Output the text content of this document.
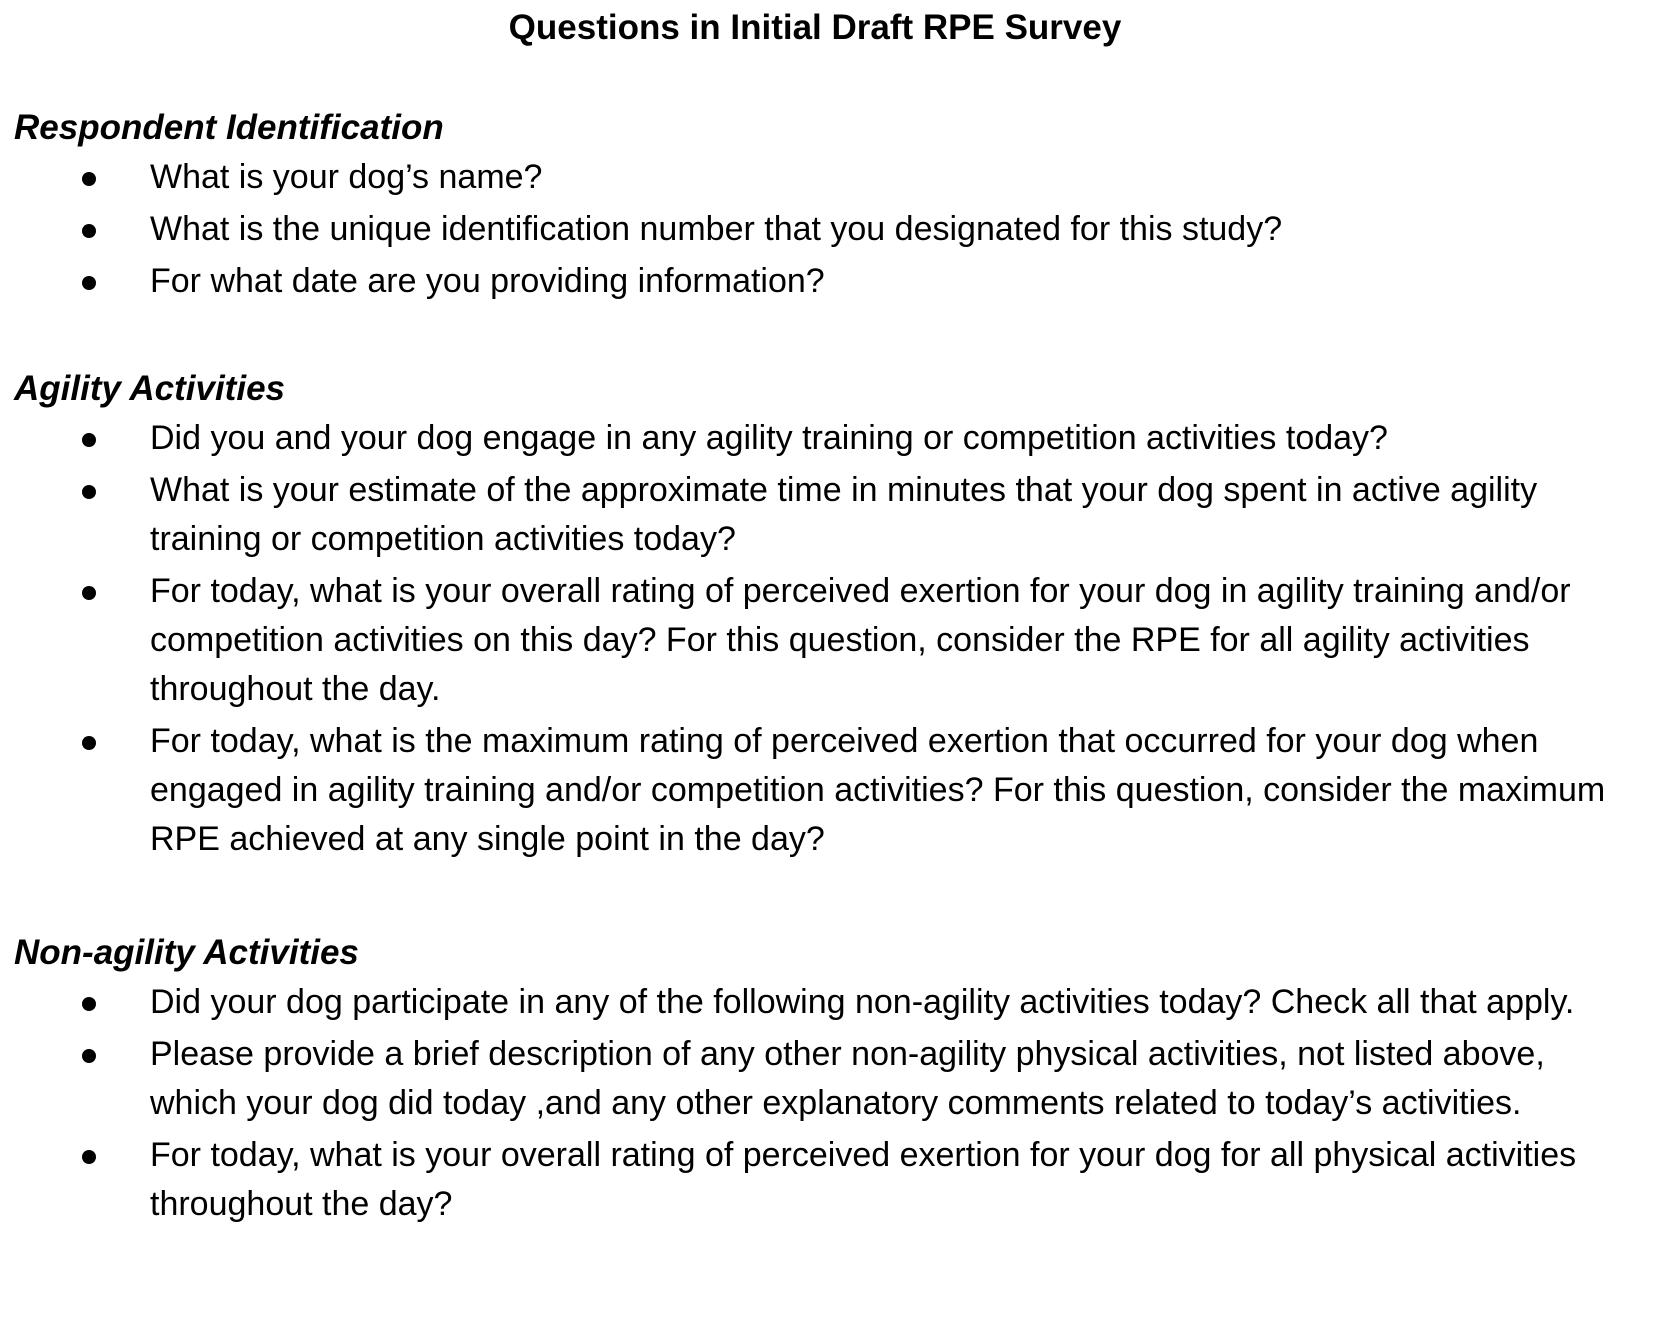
Questions in Initial Draft RPE Survey
Respondent Identification
What is your dog’s name?
What is the unique identification number that you designated for this study?
For what date are you providing information?
Agility Activities
Did you and your dog engage in any agility training or competition activities today?
What is your estimate of the approximate time in minutes that your dog spent in active agility training or competition activities today?
For today, what is your overall rating of perceived exertion for your dog in agility training and/or competition activities on this day? For this question, consider the RPE for all agility activities throughout the day.
For today, what is the maximum rating of perceived exertion that occurred for your dog when engaged in agility training and/or competition activities? For this question, consider the maximum RPE achieved at any single point in the day?
Non-agility Activities
Did your dog participate in any of the following non-agility activities today? Check all that apply.
Please provide a brief description of any other non-agility physical activities, not listed above, which your dog did today ,and any other explanatory comments related to today’s activities.
For today, what is your overall rating of perceived exertion for your dog for all physical activities throughout the day?
